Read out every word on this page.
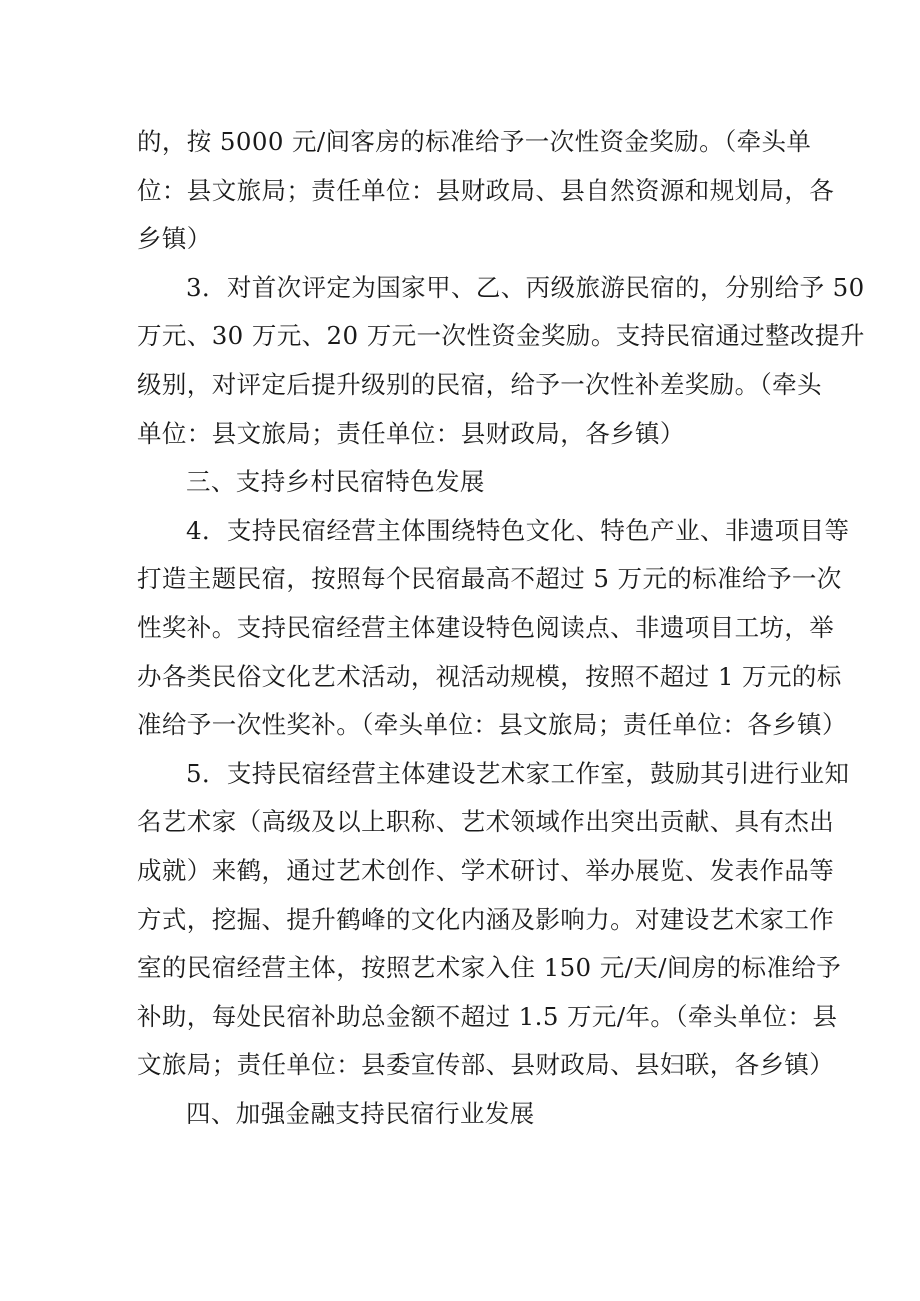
的，按 5000 元/间客房的标准给予一次性资金奖励。（牵头单
位：县文旅局；责任单位：县财政局、县自然资源和规划局，各
乡镇）
3．对首次评定为国家甲、乙、丙级旅游民宿的，分别给予 50
万元、30 万元、20 万元一次性资金奖励。支持民宿通过整改提升
级别，对评定后提升级别的民宿，给予一次性补差奖励。（牵头
单位：县文旅局；责任单位：县财政局，各乡镇）
三、支持乡村民宿特色发展
4．支持民宿经营主体围绕特色文化、特色产业、非遗项目等
打造主题民宿，按照每个民宿最高不超过 5 万元的标准给予一次
性奖补。支持民宿经营主体建设特色阅读点、非遗项目工坊，举
办各类民俗文化艺术活动，视活动规模，按照不超过 1 万元的标
准给予一次性奖补。（牵头单位：县文旅局；责任单位：各乡镇）
5．支持民宿经营主体建设艺术家工作室，鼓励其引进行业知
名艺术家（高级及以上职称、艺术领域作出突出贡献、具有杰出
成就）来鹤，通过艺术创作、学术研讨、举办展览、发表作品等
方式，挖掘、提升鹤峰的文化内涵及影响力。对建设艺术家工作
室的民宿经营主体，按照艺术家入住 150 元/天/间房的标准给予
补助，每处民宿补助总金额不超过 1.5 万元/年。（牵头单位：县
文旅局；责任单位：县委宣传部、县财政局、县妇联，各乡镇）
四、加强金融支持民宿行业发展
